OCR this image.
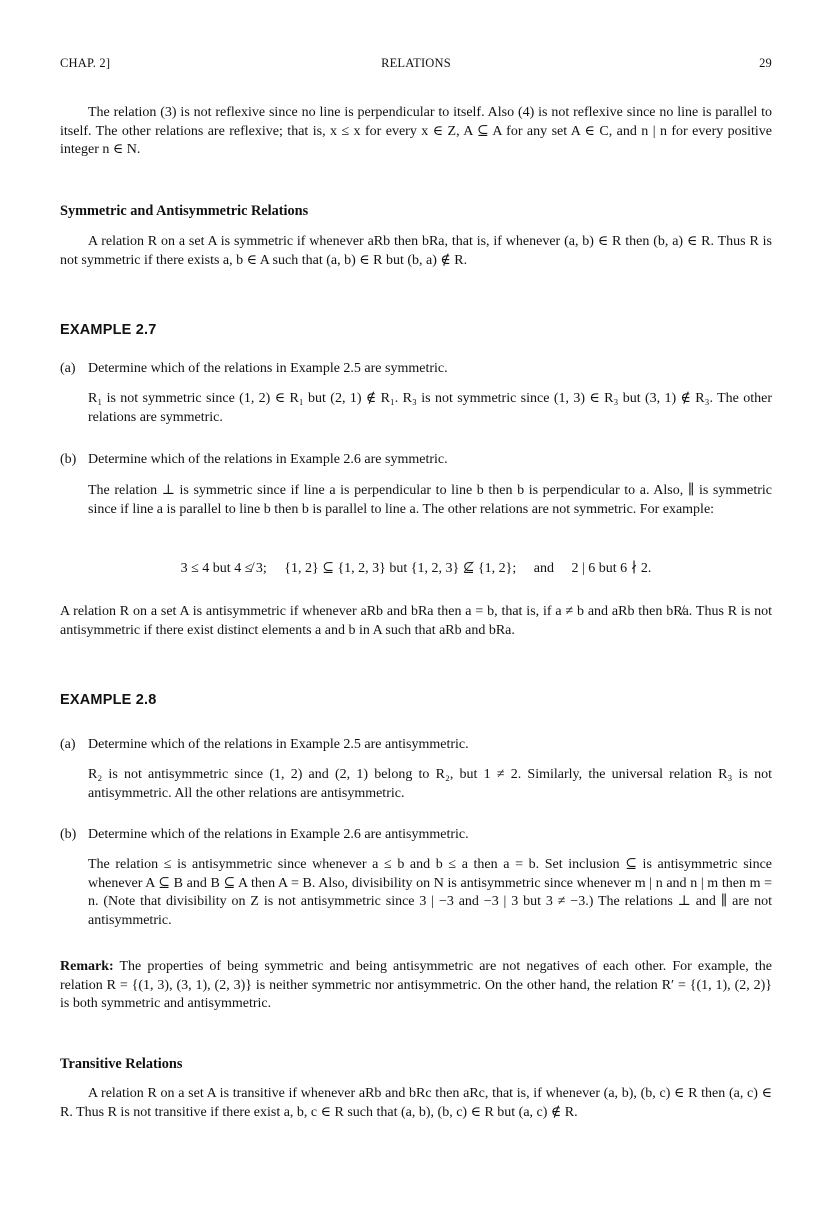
CHAP. 2]	RELATIONS	29

The relation (3) is not reflexive since no line is perpendicular to itself. Also (4) is not reflexive since no line is parallel to itself. The other relations are reflexive; that is, x ≤ x for every x ∈ Z, A ⊆ A for any set A ∈ C, and n | n for every positive integer n ∈ N.

Symmetric and Antisymmetric Relations

A relation R on a set A is symmetric if whenever aRb then bRa, that is, if whenever (a, b) ∈ R then (b, a) ∈ R. Thus R is not symmetric if there exists a, b ∈ A such that (a, b) ∈ R but (b, a) ∉ R.

EXAMPLE 2.7
(a) Determine which of the relations in Example 2.5 are symmetric.

R₁ is not symmetric since (1, 2) ∈ R₁ but (2, 1) ∉ R₁. R₃ is not symmetric since (1, 3) ∈ R₃ but (3, 1) ∉ R₃. The other relations are symmetric.

(b) Determine which of the relations in Example 2.6 are symmetric.

The relation ⊥ is symmetric since if line a is perpendicular to line b then b is perpendicular to a. Also, ∥ is symmetric since if line a is parallel to line b then b is parallel to line a. The other relations are not symmetric. For example:

3 ≤ 4 but 4 ≰ 3;     {1, 2} ⊆ {1, 2, 3} but {1, 2, 3} ⊈ {1, 2};     and     2 | 6 but 6 ∤ 2.

A relation R on a set A is antisymmetric if whenever aRb and bRa then a = b, that is, if a ≠ b and aRb then bR̸a. Thus R is not antisymmetric if there exist distinct elements a and b in A such that aRb and bRa.

EXAMPLE 2.8
(a) Determine which of the relations in Example 2.5 are antisymmetric.

R₂ is not antisymmetric since (1, 2) and (2, 1) belong to R₂, but 1 ≠ 2. Similarly, the universal relation R₃ is not antisymmetric. All the other relations are antisymmetric.

(b) Determine which of the relations in Example 2.6 are antisymmetric.

The relation ≤ is antisymmetric since whenever a ≤ b and b ≤ a then a = b. Set inclusion ⊆ is antisymmetric since whenever A ⊆ B and B ⊆ A then A = B. Also, divisibility on N is antisymmetric since whenever m | n and n | m then m = n. (Note that divisibility on Z is not antisymmetric since 3 | −3 and −3 | 3 but 3 ≠ −3.) The relations ⊥ and ∥ are not antisymmetric.

Remark: The properties of being symmetric and being antisymmetric are not negatives of each other. For example, the relation R = {(1, 3), (3, 1), (2, 3)} is neither symmetric nor antisymmetric. On the other hand, the relation R′ = {(1, 1), (2, 2)} is both symmetric and antisymmetric.

Transitive Relations

A relation R on a set A is transitive if whenever aRb and bRc then aRc, that is, if whenever (a, b), (b, c) ∈ R then (a, c) ∈ R. Thus R is not transitive if there exist a, b, c ∈ R such that (a, b), (b, c) ∈ R but (a, c) ∉ R.
